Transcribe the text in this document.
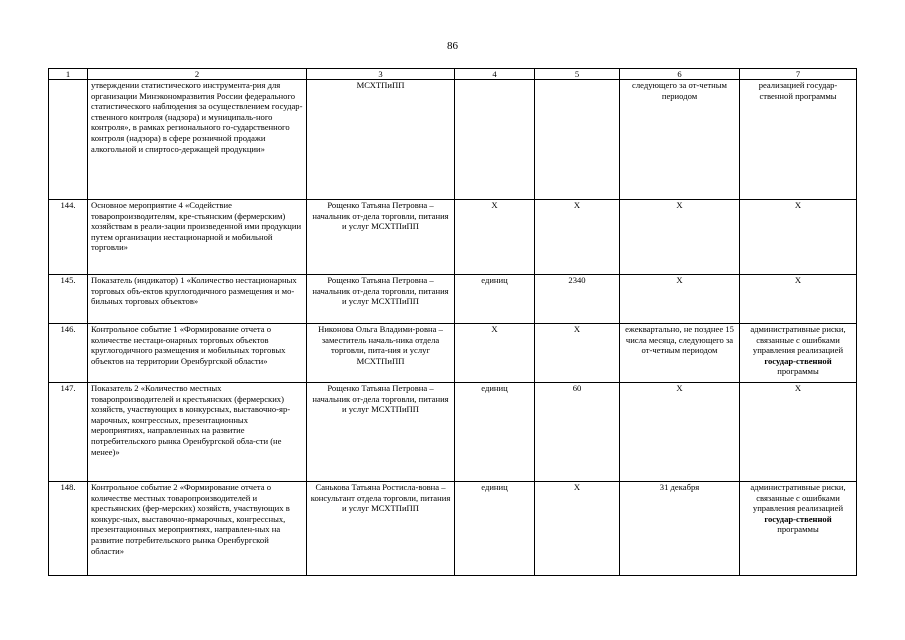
86
1	2	3	4	5	6	7
	утверждении статистического инструмента-рия для организации Минэкономразвития России федерального статистического наблюдения за осуществлением государ-ственного контроля (надзора) и муниципаль-ного контроля», в рамках регионального го-сударственного контроля (надзора) в сфере розничной продажи алкогольной и спиртосо-держащей продукции»	МСХТПиПП			следующего за от-четным периодом	реализацией государ-ственной программы
144.	Основное мероприятие 4 «Содействие товаропроизводителям, кре-стьянским (фермерским) хозяйствам в реали-зации произведенной ими продукции путем организации нестационарной и мобильной торговли»	Рощенко Татьяна Петровна – начальник от-дела торговли, питания и услуг МСХТПиПП	Х	Х	Х	Х
145.	Показатель (индикатор) 1 «Количество нестационарных торговых объ-ектов круглогодичного размещения и мо-бильных торговых объектов»	Рощенко Татьяна Петровна – начальник от-дела торговли, питания и услуг МСХТПиПП	единиц	2340	Х	Х
146.	Контрольное событие 1 «Формирование отчета о количестве нестаци-онарных торговых объектов круглогодичного размещения и мобильных торговых объектов на территории Оренбургской области»	Никонова Ольга Владими-ровна – заместитель началь-ника отдела торговли, пита-ния и услуг МСХТПиПП	Х	Х	ежеквартально, не позднее 15 числа месяца, следующего за от-четным периодом	административные риски, связанные с ошибками управления реализацией государ-ственной программы
147.	Показатель 2 «Количество местных товаропроизводителей и крестьянских (фермерских) хозяйств, участвующих в конкурсных, выставочно-яр-марочных, конгрессных, презентационных мероприятиях, направленных на развитие потребительского рынка Оренбургской обла-сти (не менее)»	Рощенко Татьяна Петровна – начальник от-дела торговли, питания и услуг МСХТПиПП	единиц	60	Х	Х
148.	Контрольное событие 2 «Формирование отчета о количестве местных товаропроизводителей и крестьянских (фер-мерских) хозяйств, участвующих в конкурс-ных, выставочно-ярмарочных, конгрессных, презентационных мероприятиях, направлен-ных на развитие потребительского рынка Оренбургской области»	Санькова Татьяна Ростисла-вовна – консультант отдела торговли, питания и услуг МСХТПиПП	единиц	Х	31 декабря	административные риски, связанные с ошибками управления реализацией государ-ственной программы
